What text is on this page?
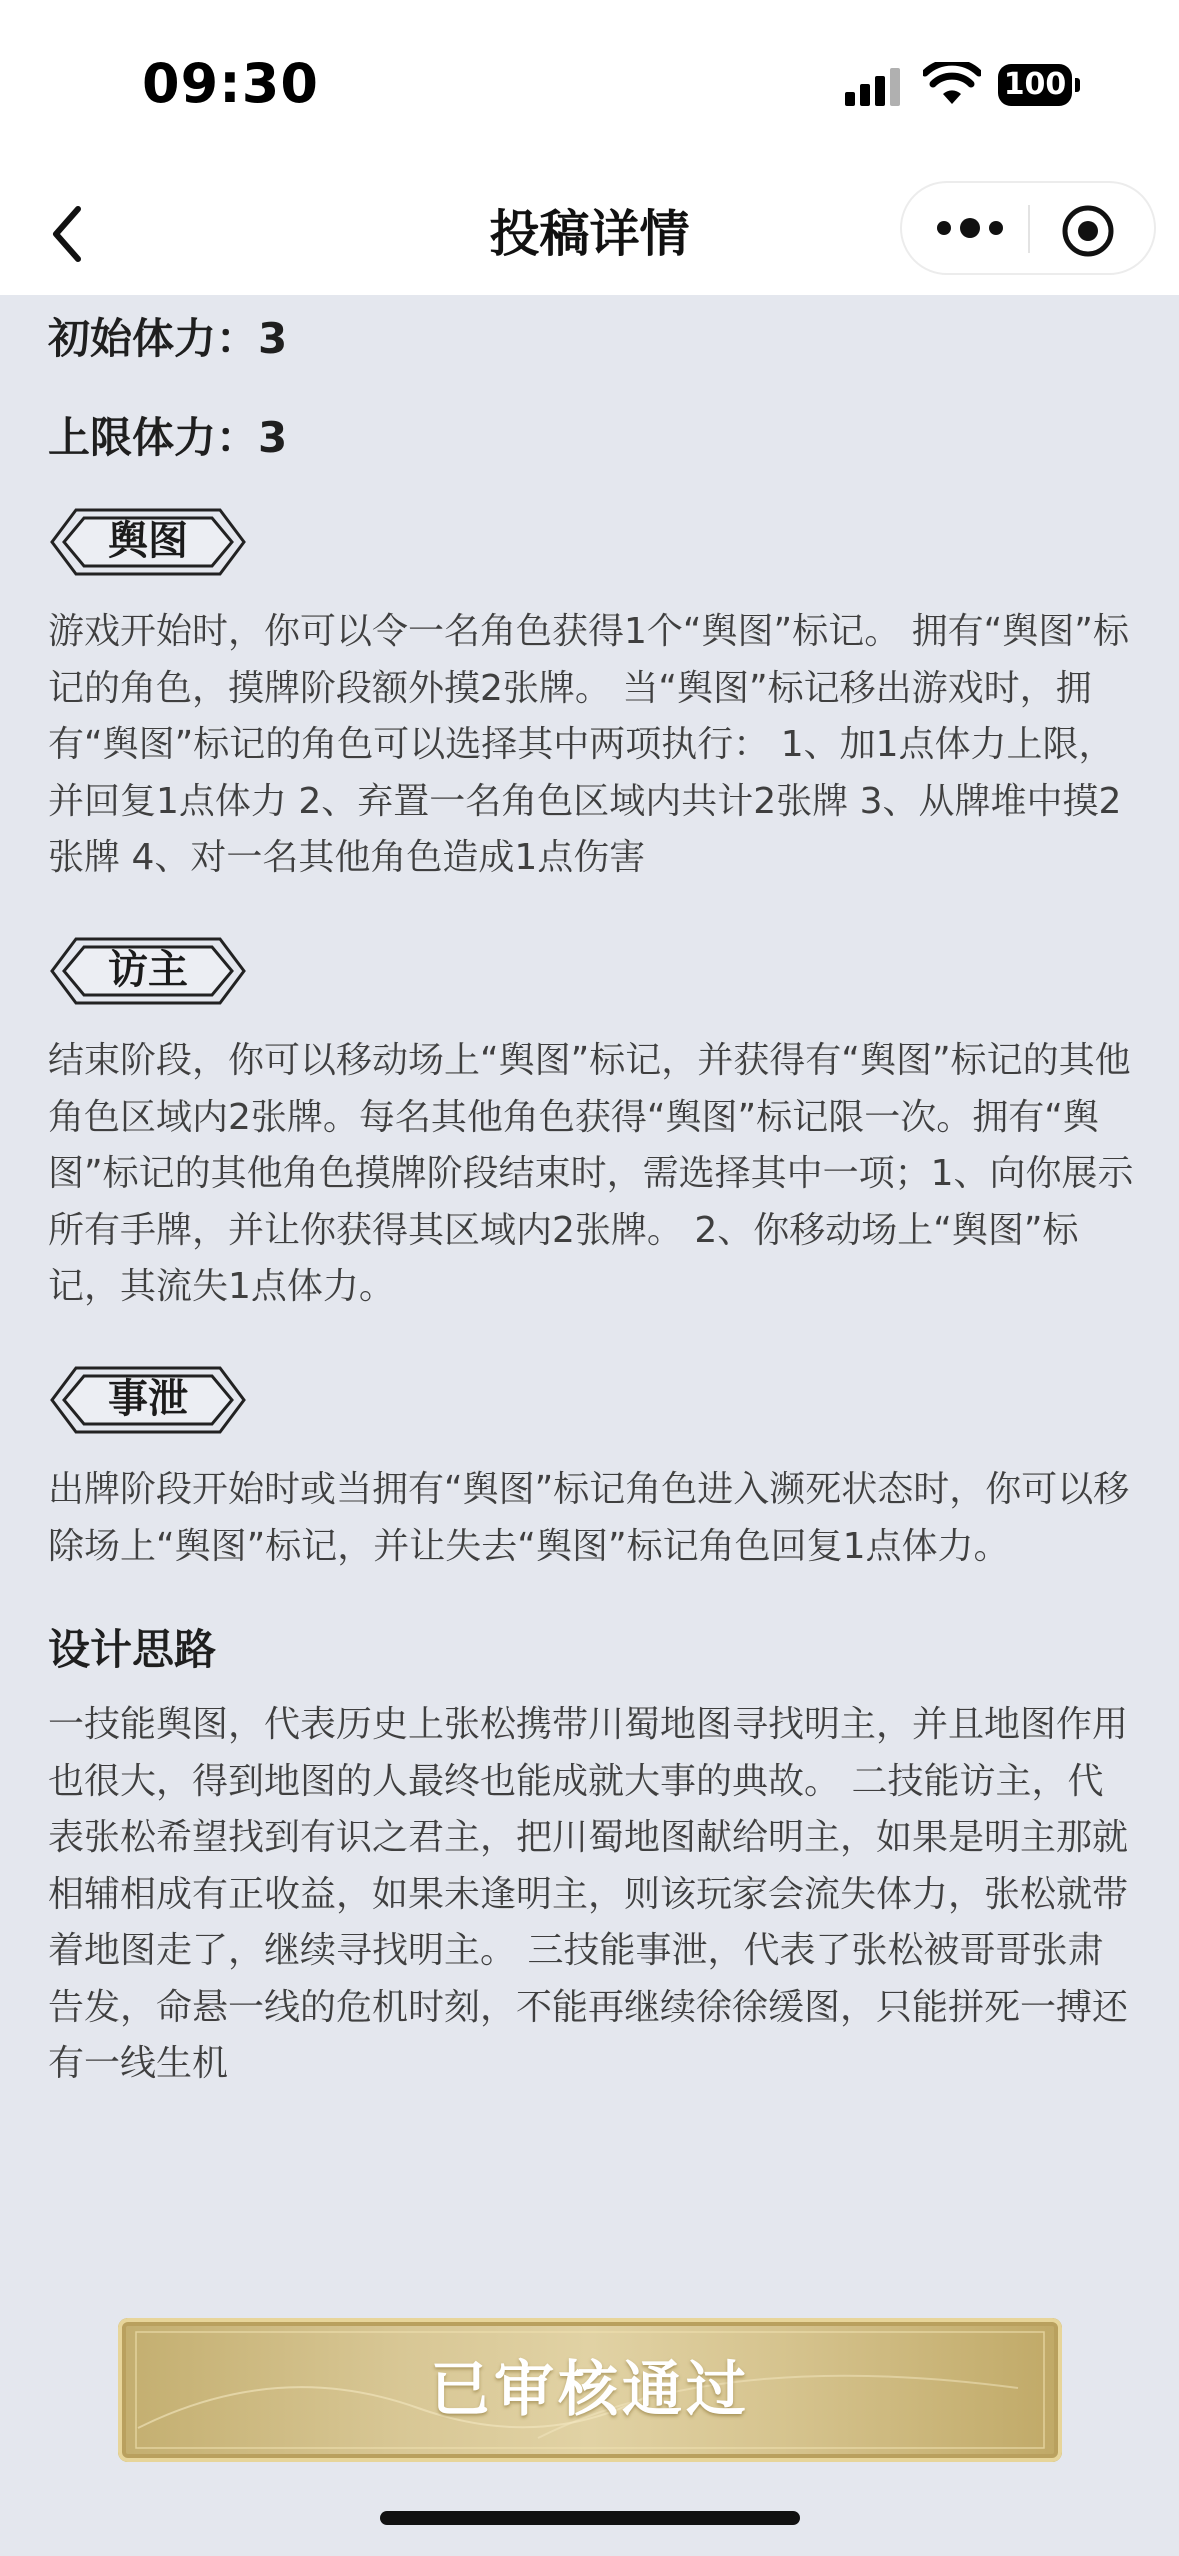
09:30	100
投稿详情
初始体力：3
上限体力：3
舆图
游戏开始时，你可以令一名角色获得1个“舆图”标记。 拥有“舆图”标记的角色，摸牌阶段额外摸2张牌。 当“舆图”标记移出游戏时，拥有“舆图”标记的角色可以选择其中两项执行： 1、加1点体力上限，并回复1点体力 2、弃置一名角色区域内共计2张牌 3、从牌堆中摸2张牌 4、对一名其他角色造成1点伤害
访主
结束阶段，你可以移动场上“舆图”标记，并获得有“舆图”标记的其他角色区域内2张牌。每名其他角色获得“舆图”标记限一次。拥有“舆图”标记的其他角色摸牌阶段结束时，需选择其中一项；1、向你展示所有手牌，并让你获得其区域内2张牌。 2、你移动场上“舆图”标记，其流失1点体力。
事泄
出牌阶段开始时或当拥有“舆图”标记角色进入濒死状态时，你可以移除场上“舆图”标记，并让失去“舆图”标记角色回复1点体力。
设计思路
一技能舆图，代表历史上张松携带川蜀地图寻找明主，并且地图作用也很大，得到地图的人最终也能成就大事的典故。 二技能访主，代表张松希望找到有识之君主，把川蜀地图献给明主，如果是明主那就相辅相成有正收益，如果未逢明主，则该玩家会流失体力，张松就带着地图走了，继续寻找明主。 三技能事泄，代表了张松被哥哥张肃告发，命悬一线的危机时刻，不能再继续徐徐缓图，只能拼死一搏还有一线生机
已审核通过
